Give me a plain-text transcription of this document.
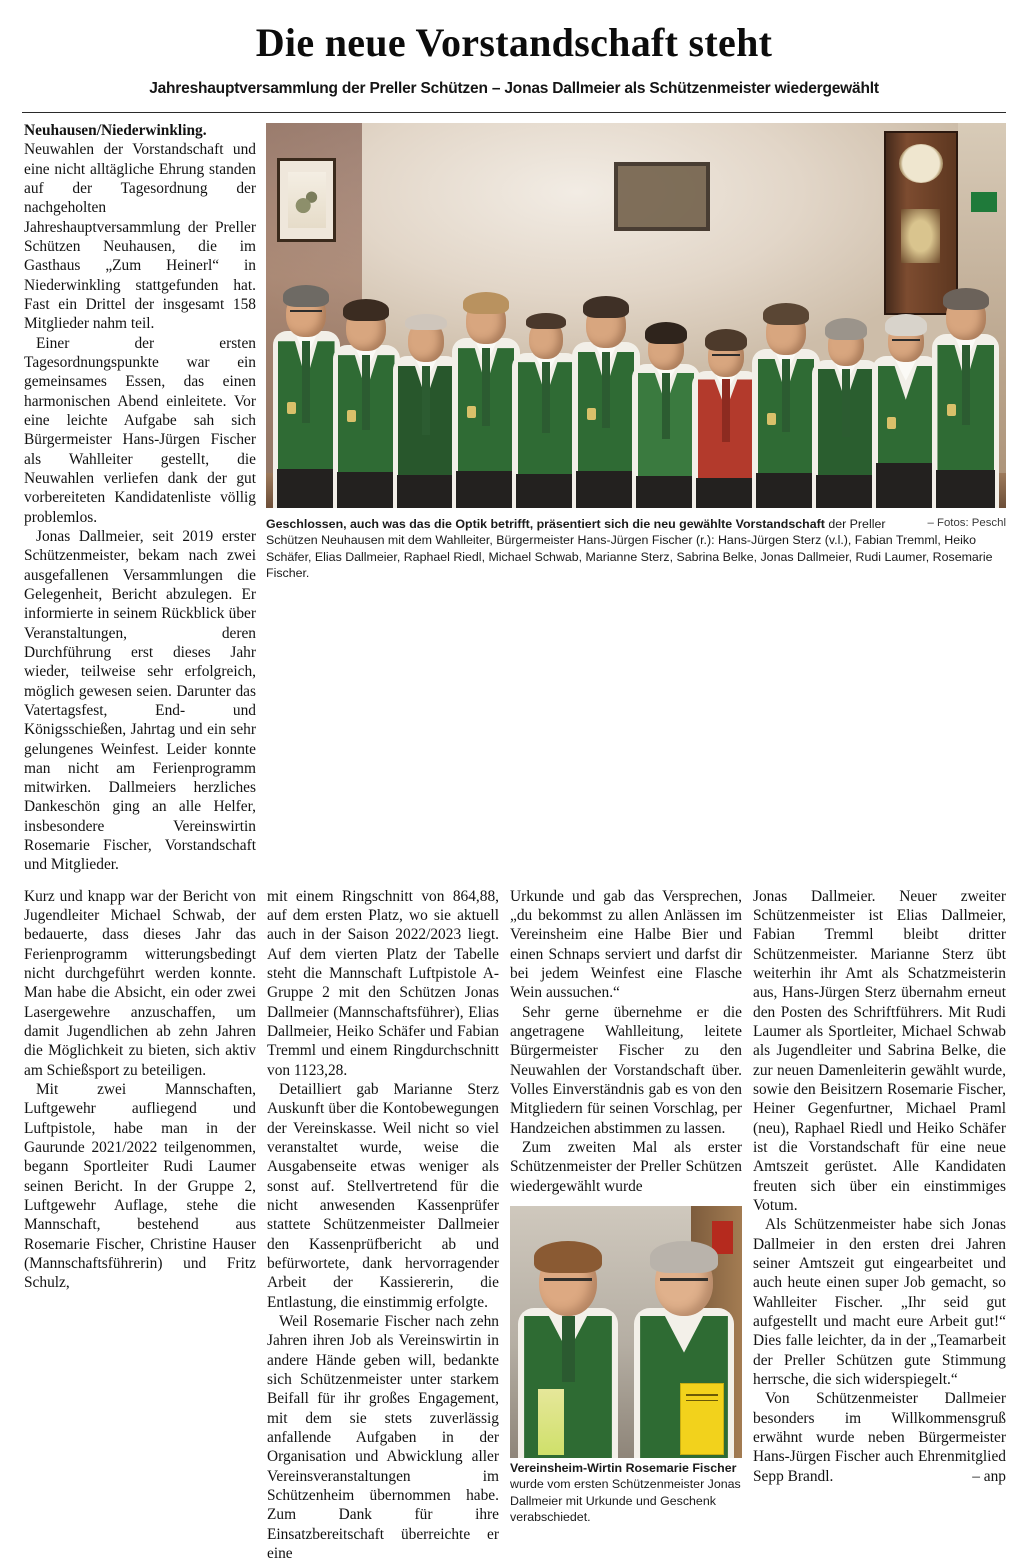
Die neue Vorstandschaft steht
Jahreshauptversammlung der Preller Schützen – Jonas Dallmeier als Schützenmeister wiedergewählt

Neuhausen/Niederwinkling. Neuwahlen der Vorstandschaft und eine nicht alltägliche Ehrung standen auf der Tagesordnung der nachgeholten Jahreshauptversammlung der Preller Schützen Neuhausen, die im Gasthaus „Zum Heinerl“ in Niederwinkling stattgefunden hat. Fast ein Drittel der insgesamt 158 Mitglieder nahm teil.

Einer der ersten Tagesordnungspunkte war ein gemeinsames Essen, das einen harmonischen Abend einleitete. Vor eine leichte Aufgabe sah sich Bürgermeister Hans-Jürgen Fischer als Wahlleiter gestellt, die Neuwahlen verliefen dank der gut vorbereiteten Kandidatenliste völlig problemlos.

Jonas Dallmeier, seit 2019 erster Schützenmeister, bekam nach zwei ausgefallenen Versammlungen die Gelegenheit, Bericht abzulegen. Er informierte in seinem Rückblick über Veranstaltungen, deren Durchführung erst dieses Jahr wieder, teilweise sehr erfolgreich, möglich gewesen seien. Darunter das Vatertagsfest, End- und Königsschießen, Jahrtag und ein sehr gelungenes Weinfest. Leider konnte man nicht am Ferienprogramm mitwirken. Dallmeiers herzliches Dankeschön ging an alle Helfer, insbesondere Vereinswirtin Rosemarie Fischer, Vorstandschaft und Mitglieder.

– Fotos: Peschl
Geschlossen, auch was das die Optik betrifft, präsentiert sich die neu gewählte Vorstandschaft der Preller Schützen Neuhausen mit dem Wahlleiter, Bürgermeister Hans-Jürgen Fischer (r.): Hans-Jürgen Sterz (v.l.), Fabian Tremml, Heiko Schäfer, Elias Dallmeier, Raphael Riedl, Michael Schwab, Marianne Sterz, Sabrina Belke, Jonas Dallmeier, Rudi Laumer, Rosemarie Fischer.

Kurz und knapp war der Bericht von Jugendleiter Michael Schwab, der bedauerte, dass dieses Jahr das Ferienprogramm witterungsbedingt nicht durchgeführt werden konnte. Man habe die Absicht, ein oder zwei Lasergewehre anzuschaffen, um damit Jugendlichen ab zehn Jahren die Möglichkeit zu bieten, sich aktiv am Schießsport zu beteiligen.

Mit zwei Mannschaften, Luftgewehr aufliegend und Luftpistole, habe man in der Gaurunde 2021/2022 teilgenommen, begann Sportleiter Rudi Laumer seinen Bericht. In der Gruppe 2, Luftgewehr Auflage, stehe die Mannschaft, bestehend aus Rosemarie Fischer, Christine Hauser (Mannschaftsführerin) und Fritz Schulz,

mit einem Ringschnitt von 864,88, auf dem ersten Platz, wo sie aktuell auch in der Saison 2022/2023 liegt. Auf dem vierten Platz der Tabelle steht die Mannschaft Luftpistole A-Gruppe 2 mit den Schützen Jonas Dallmeier (Mannschaftsführer), Elias Dallmeier, Heiko Schäfer und Fabian Tremml und einem Ringdurchschnitt von 1123,28.

Detailliert gab Marianne Sterz Auskunft über die Kontobewegungen der Vereinskasse. Weil nicht so viel veranstaltet wurde, weise die Ausgabenseite etwas weniger als sonst auf. Stellvertretend für die nicht anwesenden Kassenprüfer stattete Schützenmeister Dallmeier den Kassenprüfbericht ab und befürwortete, dank hervorragender Arbeit der Kassiererin, die Entlastung, die einstimmig erfolgte.

Weil Rosemarie Fischer nach zehn Jahren ihren Job als Vereinswirtin in andere Hände geben will, bedankte sich Schützenmeister unter starkem Beifall für ihr großes Engagement, mit dem sie stets zuverlässig anfallende Aufgaben in der Organisation und Abwicklung aller Vereinsveranstaltungen im Schützenheim übernommen habe. Zum Dank für ihre Einsatzbereitschaft überreichte er eine

Urkunde und gab das Versprechen, „du bekommst zu allen Anlässen im Vereinsheim eine Halbe Bier und einen Schnaps serviert und darfst dir bei jedem Weinfest eine Flasche Wein aussuchen.“

Sehr gerne übernehme er die angetragene Wahlleitung, leitete Bürgermeister Fischer zu den Neuwahlen der Vorstandschaft über. Volles Einverständnis gab es von den Mitgliedern für seinen Vorschlag, per Handzeichen abstimmen zu lassen.

Zum zweiten Mal als erster Schützenmeister der Preller Schützen wiedergewählt wurde

Vereinsheim-Wirtin Rosemarie Fischer wurde vom ersten Schützenmeister Jonas Dallmeier mit Urkunde und Geschenk verabschiedet.

Jonas Dallmeier. Neuer zweiter Schützenmeister ist Elias Dallmeier, Fabian Tremml bleibt dritter Schützenmeister. Marianne Sterz übt weiterhin ihr Amt als Schatzmeisterin aus, Hans-Jürgen Sterz übernahm erneut den Posten des Schriftführers. Mit Rudi Laumer als Sportleiter, Michael Schwab als Jugendleiter und Sabrina Belke, die zur neuen Damenleiterin gewählt wurde, sowie den Beisitzern Rosemarie Fischer, Heiner Gegenfurtner, Michael Praml (neu), Raphael Riedl und Heiko Schäfer ist die Vorstandschaft für eine neue Amtszeit gerüstet. Alle Kandidaten freuten sich über ein einstimmiges Votum.

Als Schützenmeister habe sich Jonas Dallmeier in den ersten drei Jahren seiner Amtszeit gut eingearbeitet und auch heute einen super Job gemacht, so Wahlleiter Fischer. „Ihr seid gut aufgestellt und macht eure Arbeit gut!“ Dies falle leichter, da in der „Teamarbeit der Preller Schützen gute Stimmung herrsche, die sich widerspiegelt.“

Von Schützenmeister Dallmeier besonders im Willkommensgruß erwähnt wurde neben Bürgermeister Hans-Jürgen Fischer auch Ehrenmitglied Sepp Brandl.	– anp
